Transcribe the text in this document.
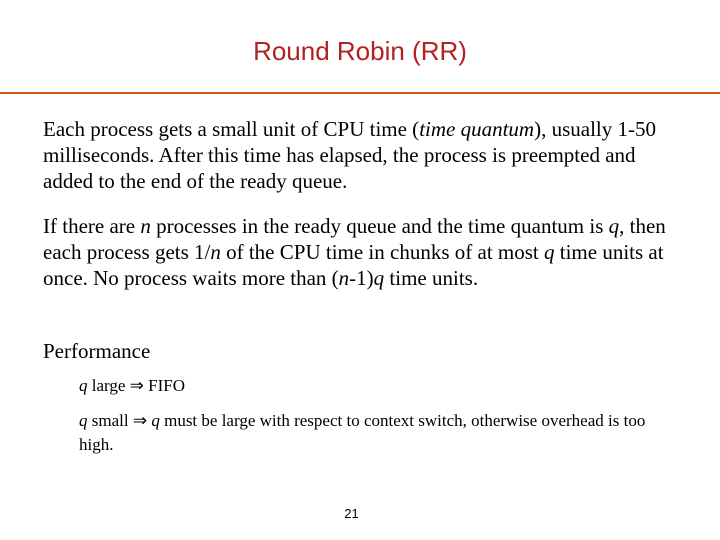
Round Robin (RR)

Each process gets a small unit of CPU time (time quantum), usually 1-50 milliseconds. After this time has elapsed, the process is preempted and added to the end of the ready queue.

If there are n processes in the ready queue and the time quantum is q, then each process gets 1/n of the CPU time in chunks of at most q time units at once. No process waits more than (n-1)q time units.

Performance

q large ⇒ FIFO

q small ⇒ q must be large with respect to context switch, otherwise overhead is too high.

21
